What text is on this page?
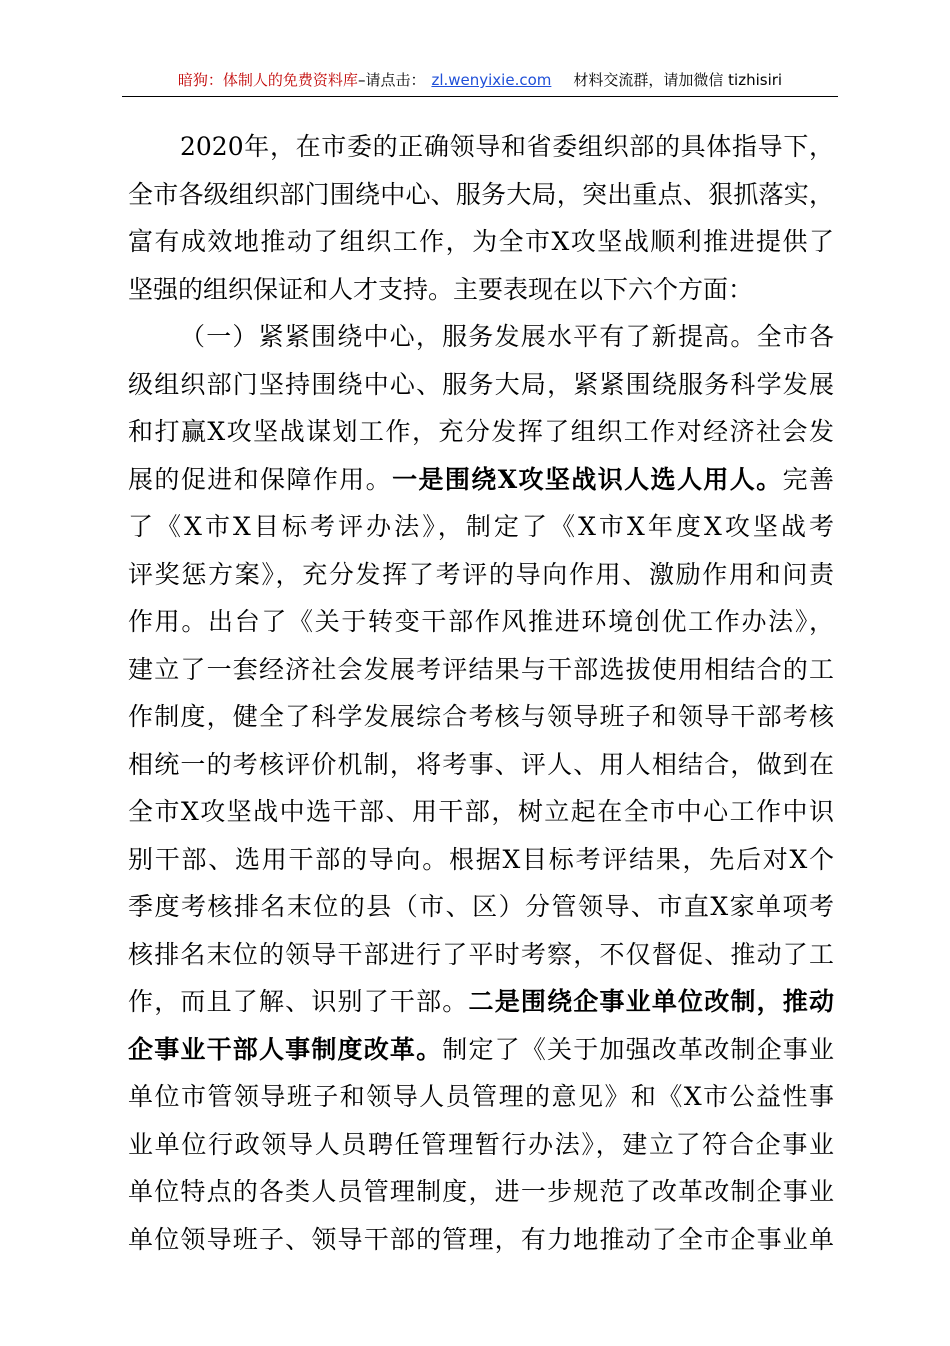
暗狗：体制人的免费资料库–请点击： zl.wenyixie.com 材料交流群，请加微信 tizhisiri
2020年，在市委的正确领导和省委组织部的具体指导下，
全市各级组织部门围绕中心、服务大局，突出重点、狠抓落实，
富有成效地推动了组织工作，为全市X攻坚战顺利推进提供了
坚强的组织保证和人才支持。主要表现在以下六个方面：
（一）紧紧围绕中心，服务发展水平有了新提高。全市各
级组织部门坚持围绕中心、服务大局，紧紧围绕服务科学发展
和打赢X攻坚战谋划工作，充分发挥了组织工作对经济社会发
展的促进和保障作用。一是围绕X攻坚战识人选人用人。完善
了《X市X目标考评办法》，制定了《X市X年度X攻坚战考
评奖惩方案》，充分发挥了考评的导向作用、激励作用和问责
作用。出台了《关于转变干部作风推进环境创优工作办法》，
建立了一套经济社会发展考评结果与干部选拔使用相结合的工
作制度，健全了科学发展综合考核与领导班子和领导干部考核
相统一的考核评价机制，将考事、评人、用人相结合，做到在
全市X攻坚战中选干部、用干部，树立起在全市中心工作中识
别干部、选用干部的导向。根据X目标考评结果，先后对X个
季度考核排名末位的县（市、区）分管领导、市直X家单项考
核排名末位的领导干部进行了平时考察，不仅督促、推动了工
作，而且了解、识别了干部。二是围绕企事业单位改制，推动
企事业干部人事制度改革。制定了《关于加强改革改制企事业
单位市管领导班子和领导人员管理的意见》和《X市公益性事
业单位行政领导人员聘任管理暂行办法》，建立了符合企事业
单位特点的各类人员管理制度，进一步规范了改革改制企事业
单位领导班子、领导干部的管理，有力地推动了全市企事业单
